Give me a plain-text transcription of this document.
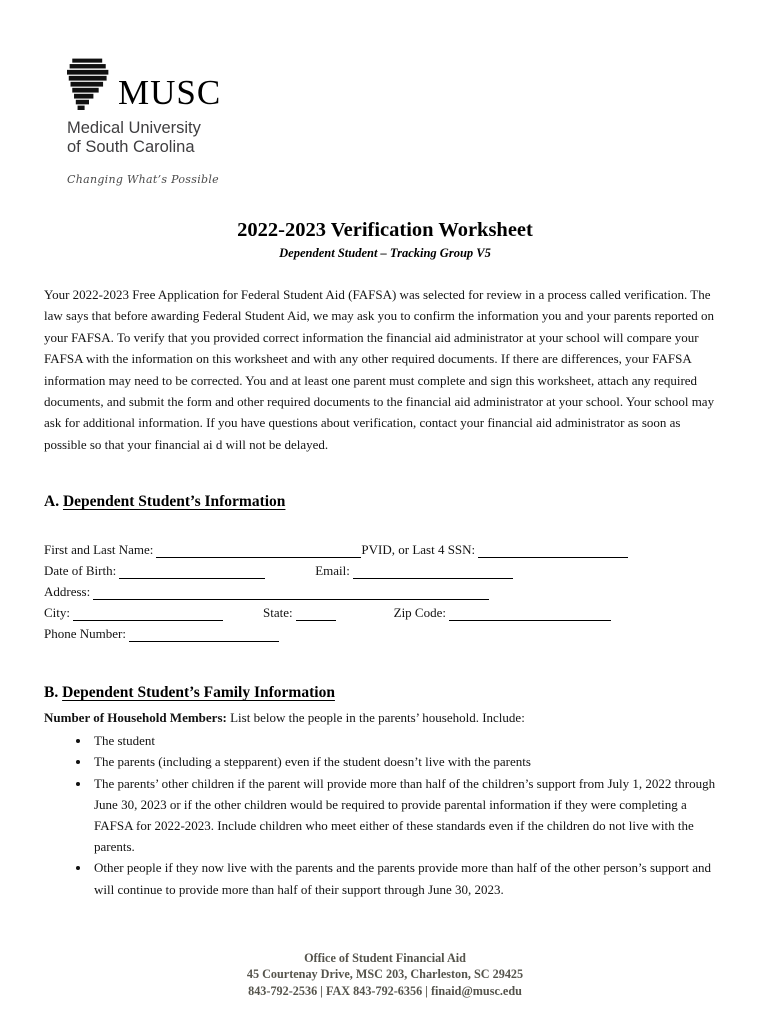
MUSC
Medical University
of South Carolina
Changing What’s Possible
2022-2023 Verification Worksheet
Dependent Student – Tracking Group V5

Your 2022-2023 Free Application for Federal Student Aid (FAFSA) was selected for review in a process called verification. The law says that before awarding Federal Student Aid, we may ask you to confirm the information you and your parents reported on your FAFSA. To verify that you provided correct information the financial aid administrator at your school will compare your FAFSA with the information on this worksheet and with any other required documents. If there are differences, your FAFSA information may need to be corrected. You and at least one parent must complete and sign this worksheet, attach any required documents, and submit the form and other required documents to the financial aid administrator at your school. Your school may ask for additional information. If you have questions about verification, contact your financial aid administrator as soon as possible so that your financial ai d will not be delayed.

A. Dependent Student’s Information
First and Last Name:	PVID, or Last 4 SSN:
Date of Birth:	Email:
Address:
City:	State:	Zip Code:
Phone Number:
B. Dependent Student’s Family Information

Number of Household Members: List below the people in the parents’ household. Include:

• The student
• The parents (including a stepparent) even if the student doesn’t live with the parents
• The parents’ other children if the parent will provide more than half of the children’s support from July 1, 2022 through June 30, 2023 or if the other children would be required to provide parental information if they were completing a FAFSA for 2022-2023. Include children who meet either of these standards even if the children do not live with the parents.
• Other people if they now live with the parents and the parents provide more than half of the other person’s support and will continue to provide more than half of their support through June 30, 2023.
Office of Student Financial Aid
45 Courtenay Drive, MSC 203, Charleston, SC 29425
843-792-2536 | FAX 843-792-6356 | finaid@musc.edu
